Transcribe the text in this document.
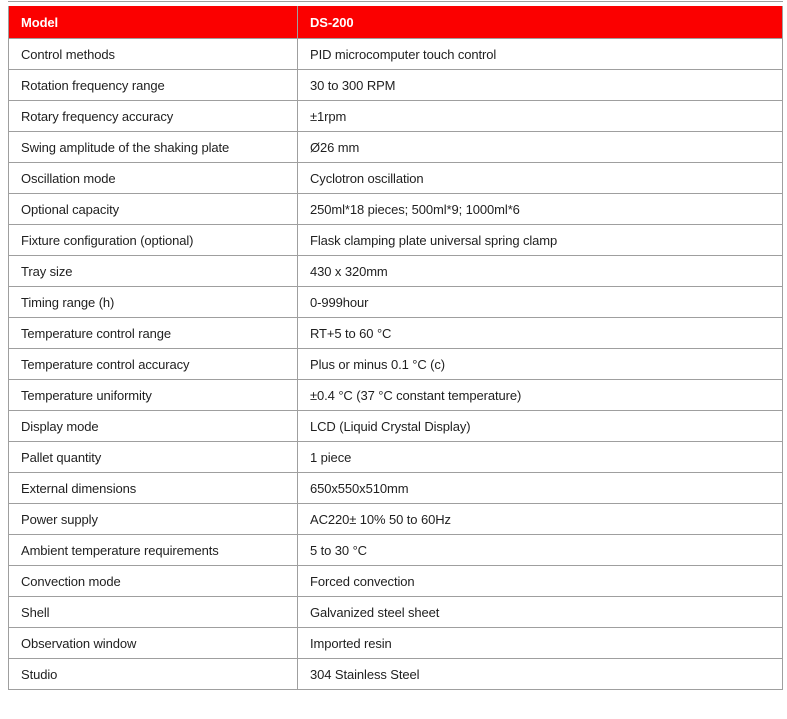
Model	DS-200
Control methods	PID microcomputer touch control
Rotation frequency range	30 to 300 RPM
Rotary frequency accuracy	±1rpm
Swing amplitude of the shaking plate	Ø26 mm
Oscillation mode	Cyclotron oscillation
Optional capacity	250ml*18 pieces; 500ml*9; 1000ml*6
Fixture configuration (optional)	Flask clamping plate universal spring clamp
Tray size	430 x 320mm
Timing range (h)	0-999hour
Temperature control range	RT+5 to 60 °C
Temperature control accuracy	Plus or minus 0.1 °C (c)
Temperature uniformity	±0.4 °C (37 °C constant temperature)
Display mode	LCD (Liquid Crystal Display)
Pallet quantity	1 piece
External dimensions	650x550x510mm
Power supply	AC220± 10% 50 to 60Hz
Ambient temperature requirements	5 to 30 °C
Convection mode	Forced convection
Shell	Galvanized steel sheet
Observation window	Imported resin
Studio	304 Stainless Steel
